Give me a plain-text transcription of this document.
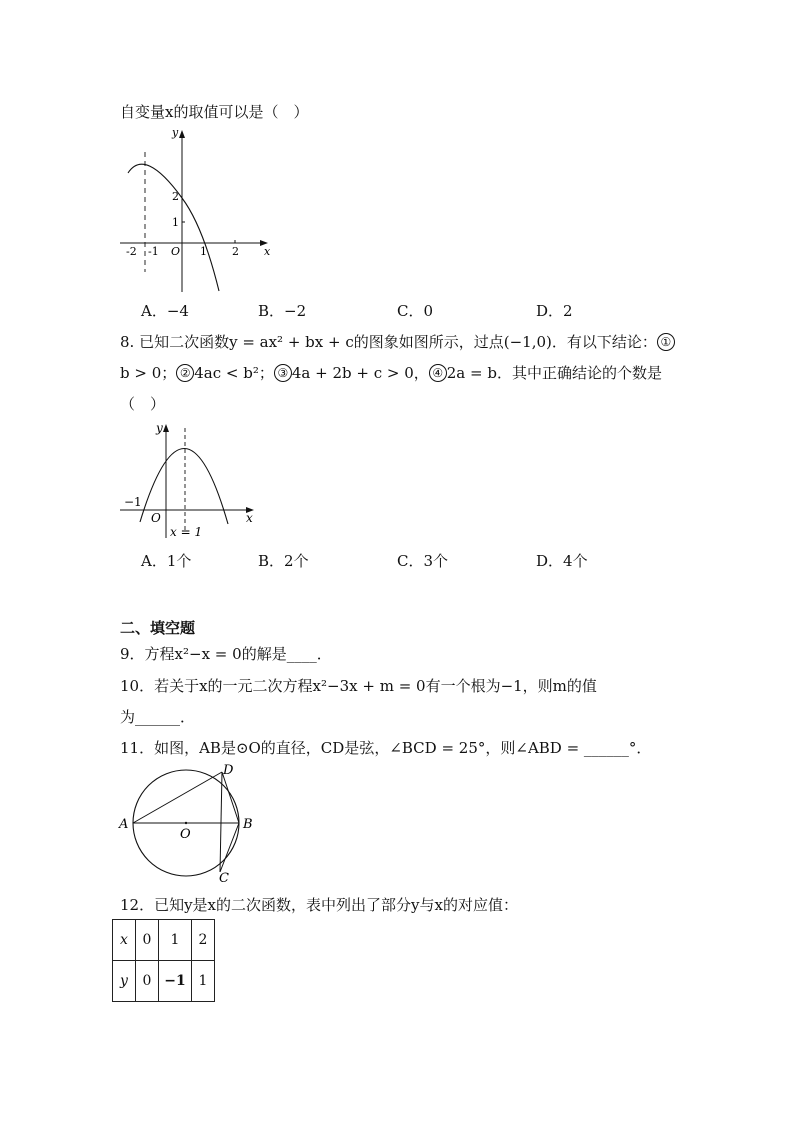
自变量x的取值可以是（　）
y
x
O
-2 -1	1 2
1
2
A．−4	B．−2	C．0	D．2
8. 已知二次函数y = ax² + bx + c的图象如图所示，过点(−1,0)．有以下结论： ①
b > 0； ② 4ac < b²； ③ 4a + 2b + c > 0， ④ 2a = b．其中正确结论的个数是
（　）
y
x
O
−1
x = 1
A．1个	B．2个	C．3个	D．4个
二、填空题
9．方程x²−x = 0的解是____．
10．若关于x的一元二次方程x²−3x + m = 0有一个根为−1，则m的值
为______．
11．如图，AB是⊙O的直径，CD是弦，∠BCD = 25°，则∠ABD = ______°．
A	B
C
D
O
12．已知y是x的二次函数，表中列出了部分y与x的对应值：
x	0	1	2
y	0	−1	1
